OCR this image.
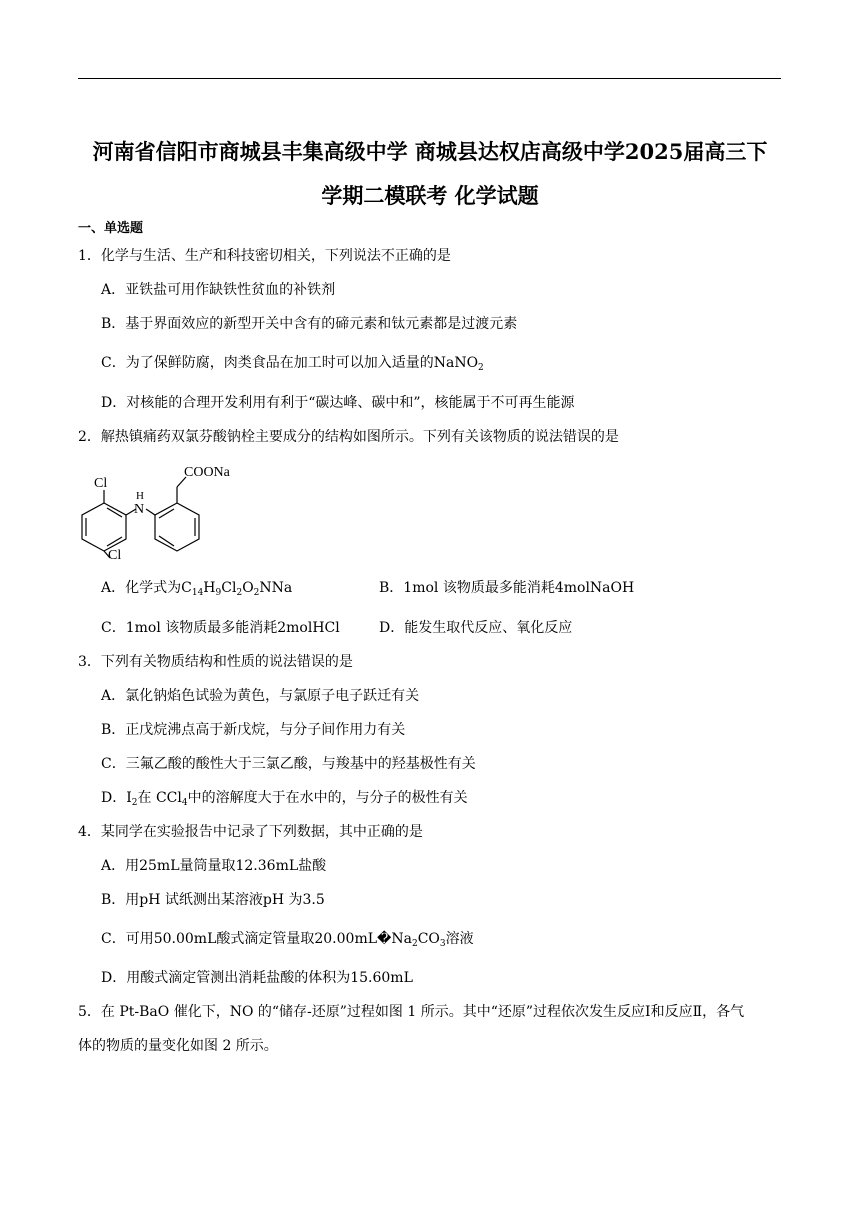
河南省信阳市商城县丰集高级中学 商城县达权店高级中学2025届高三下
学期二模联考 化学试题
一、单选题
1．化学与生活、生产和科技密切相关，下列说法不正确的是
A．亚铁盐可用作缺铁性贫血的补铁剂
B．基于界面效应的新型开关中含有的碲元素和钛元素都是过渡元素
C．为了保鲜防腐，肉类食品在加工时可以加入适量的NaNO$_2$
D．对核能的合理开发利用有利于“碳达峰、碳中和”，核能属于不可再生能源
2．解热镇痛药双氯芬酸钠栓主要成分的结构如图所示。下列有关该物质的说法错误的是
Cl
Cl
N
H
COONa
A．化学式为$C_{14}H_9Cl_2O_2NNa$	B．1mol 该物质最多能消耗4molNaOH
C．1mol 该物质最多能消耗2molHCl	D．能发生取代反应、氧化反应
3．下列有关物质结构和性质的说法错误的是
A．氯化钠焰色试验为黄色，与氯原子电子跃迁有关
B．正戊烷沸点高于新戊烷，与分子间作用力有关
C．三氟乙酸的酸性大于三氯乙酸，与羧基中的羟基极性有关
D．$I_2$在 CCl$_4$中的溶解度大于在水中的，与分子的极性有关
4．某同学在实验报告中记录了下列数据，其中正确的是
A．用25mL量筒量取12.36mL盐酸
B．用pH 试纸测出某溶液pH 为3.5
C．可用50.00mL酸式滴定管量取$20.00mL�Na_2CO_3$溶液
D．用酸式滴定管测出消耗盐酸的体积为15.60mL
5．在 Pt-BaO 催化下，NO 的“储存-还原”过程如图 1 所示。其中“还原”过程依次发生反应Ⅰ和反应Ⅱ，各气
体的物质的量变化如图 2 所示。
